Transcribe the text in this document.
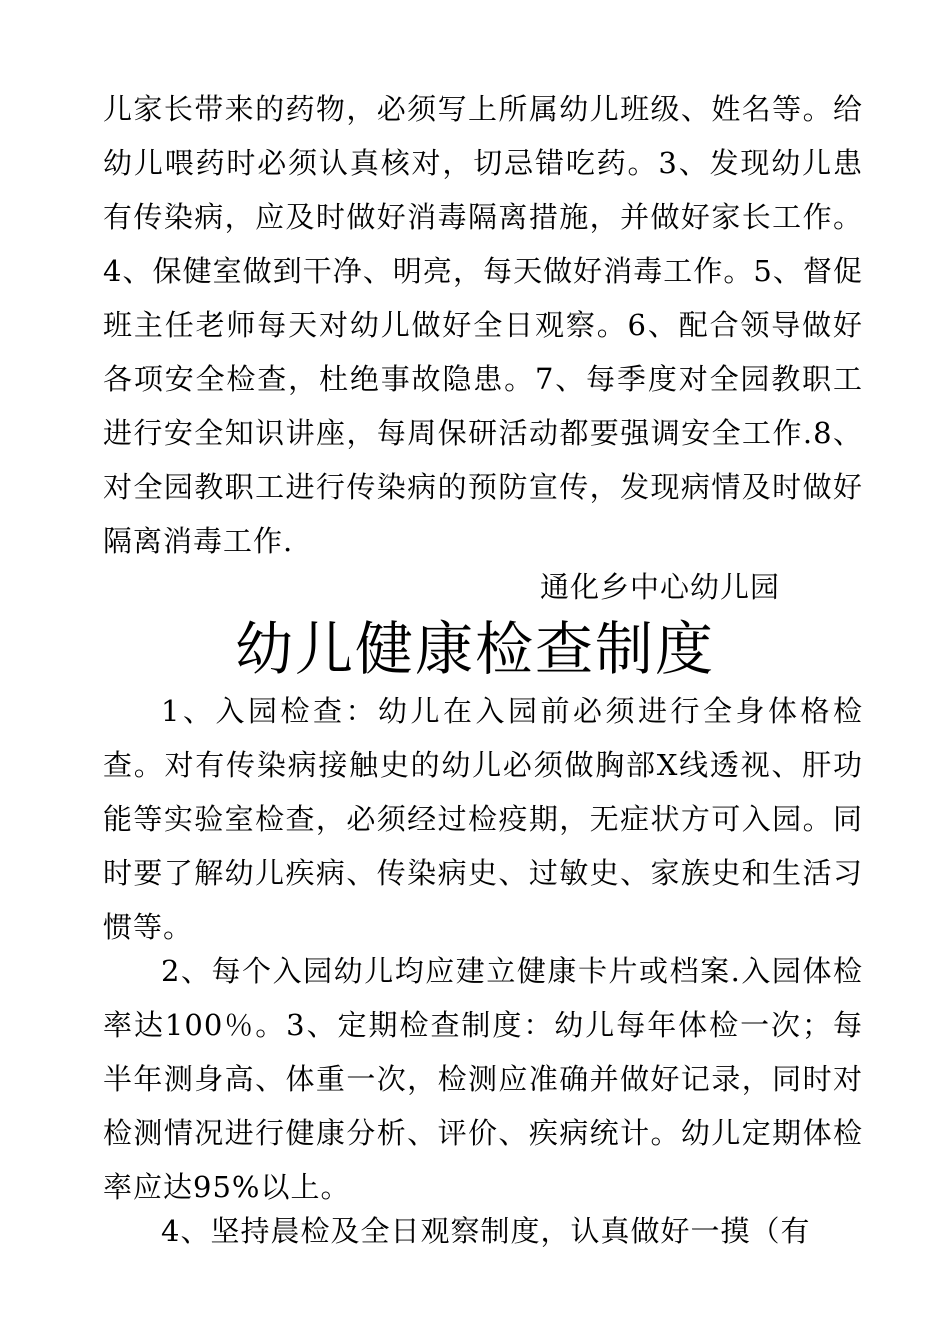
儿家长带来的药物，必须写上所属幼儿班级、姓名等。给幼儿喂药时必须认真核对，切忌错吃药。3、发现幼儿患有传染病，应及时做好消毒隔离措施，并做好家长工作。4、保健室做到干净、明亮，每天做好消毒工作。5、督促班主任老师每天对幼儿做好全日观察。6、配合领导做好各项安全检查，杜绝事故隐患。7、每季度对全园教职工进行安全知识讲座，每周保研活动都要强调安全工作.8、对全园教职工进行传染病的预防宣传，发现病情及时做好隔离消毒工作.

通化乡中心幼儿园
幼儿健康检查制度

1、入园检查：幼儿在入园前必须进行全身体格检查。对有传染病接触史的幼儿必须做胸部X线透视、肝功能等实验室检查，必须经过检疫期，无症状方可入园。同时要了解幼儿疾病、传染病史、过敏史、家族史和生活习惯等。

2、每个入园幼儿均应建立健康卡片或档案.入园体检率达100％。3、定期检查制度：幼儿每年体检一次；每半年测身高、体重一次，检测应准确并做好记录，同时对检测情况进行健康分析、评价、疾病统计。幼儿定期体检率应达95%以上。

4、坚持晨检及全日观察制度，认真做好一摸（有
